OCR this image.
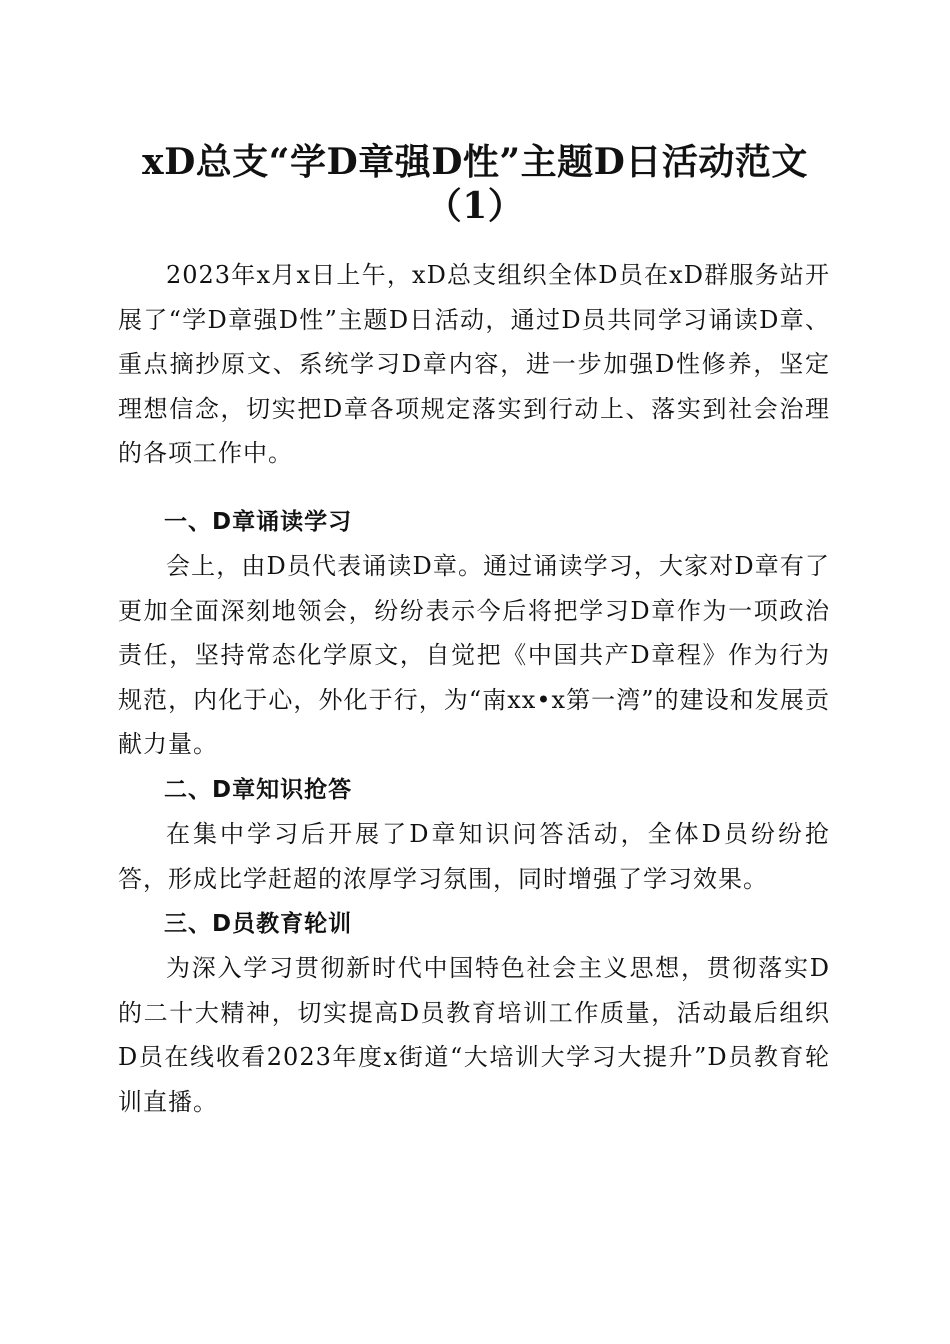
xD总支“学D章强D性”主题D日活动范文
（1）

2023年x月x日上午，xD总支组织全体D员在xD群服务站开展了“学D章强D性”主题D日活动，通过D员共同学习诵读D章、重点摘抄原文、系统学习D章内容，进一步加强D性修养，坚定理想信念，切实把D章各项规定落实到行动上、落实到社会治理的各项工作中。

一、D章诵读学习

会上，由D员代表诵读D章。通过诵读学习，大家对D章有了更加全面深刻地领会，纷纷表示今后将把学习D章作为一项政治责任，坚持常态化学原文，自觉把《中国共产D章程》作为行为规范，内化于心，外化于行，为“南xx•x第一湾”的建设和发展贡献力量。

二、D章知识抢答

在集中学习后开展了D章知识问答活动，全体D员纷纷抢答，形成比学赶超的浓厚学习氛围，同时增强了学习效果。

三、D员教育轮训

为深入学习贯彻新时代中国特色社会主义思想，贯彻落实D的二十大精神，切实提高D员教育培训工作质量，活动最后组织D员在线收看2023年度x街道“大培训大学习大提升”D员教育轮训直播。
